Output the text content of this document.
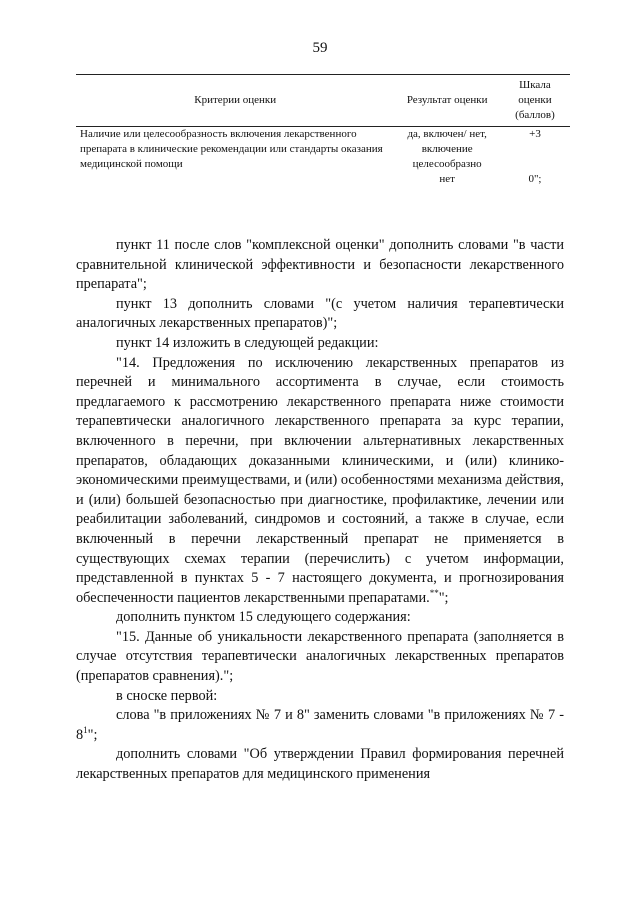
59
Критерии оценки	Результат оценки	Шкала оценки (баллов)
Наличие или целесообразность включения лекарственного препарата в клинические рекомендации или стандарты оказания медицинской помощи	да, включен/ нет, включение целесообразно	+3
	нет	0";

пункт 11 после слов "комплексной оценки" дополнить словами "в части сравнительной клинической эффективности и безопасности лекарственного препарата";

пункт 13 дополнить словами "(с учетом наличия терапевтически аналогичных лекарственных препаратов)";

пункт 14 изложить в следующей редакции:

"14. Предложения по исключению лекарственных препаратов из перечней и минимального ассортимента в случае, если стоимость предлагаемого к рассмотрению лекарственного препарата ниже стоимости терапевтически аналогичного лекарственного препарата за курс терапии, включенного в перечни, при включении альтернативных лекарственных препаратов, обладающих доказанными клиническими, и (или) клинико-экономическими преимуществами, и (или) особенностями механизма действия, и (или) большей безопасностью при диагностике, профилактике, лечении или реабилитации заболеваний, синдромов и состояний, а также в случае, если включенный в перечни лекарственный препарат не применяется в существующих схемах терапии (перечислить) с учетом информации, представленной в пунктах 5 - 7 настоящего документа, и прогнозирования обеспеченности пациентов лекарственными препаратами.**";

дополнить пунктом 15 следующего содержания:

"15. Данные об уникальности лекарственного препарата (заполняется в случае отсутствия терапевтически аналогичных лекарственных препаратов (препаратов сравнения).";

в сноске первой:

слова "в приложениях № 7 и 8" заменить словами "в приложениях № $7 - 8^1$";

дополнить словами "Об утверждении Правил формирования перечней лекарственных препаратов для медицинского применения
